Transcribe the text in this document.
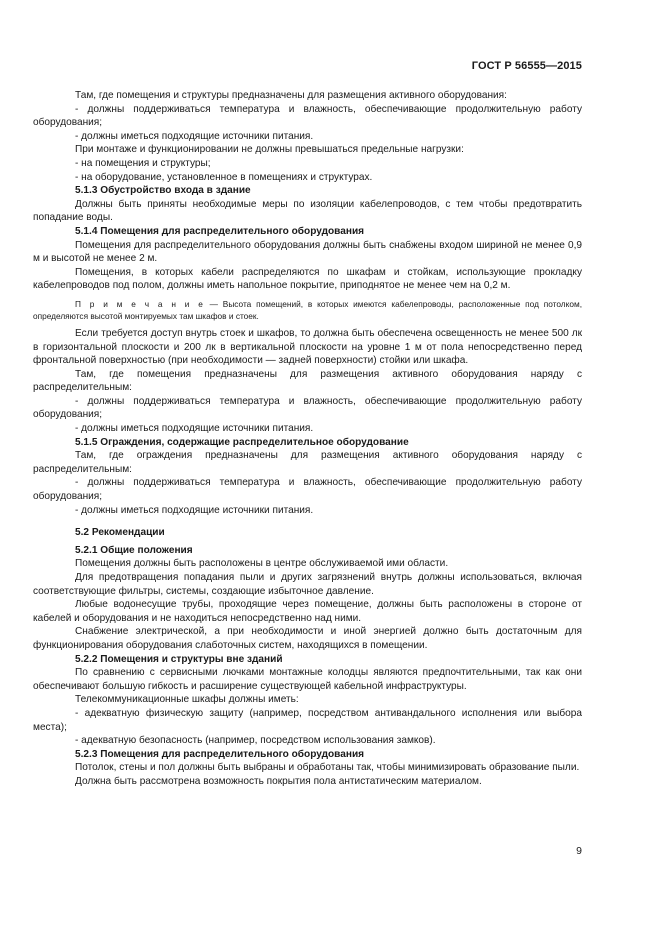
ГОСТ Р 56555—2015

Там, где помещения и структуры предназначены для размещения активного оборудования:

- должны поддерживаться температура и влажность, обеспечивающие продолжительную работу оборудования;

- должны иметься подходящие источники питания.

При монтаже и функционировании не должны превышаться предельные нагрузки:

- на помещения и структуры;

- на оборудование, установленное в помещениях и структурах.

5.1.3 Обустройство входа в здание

Должны быть приняты необходимые меры по изоляции кабелепроводов, с тем чтобы предотвратить попадание воды.

5.1.4 Помещения для распределительного оборудования

Помещения для распределительного оборудования должны быть снабжены входом шириной не менее 0,9 м и высотой не менее 2 м.

Помещения, в которых кабели распределяются по шкафам и стойкам, использующие прокладку кабелепроводов под полом, должны иметь напольное покрытие, приподнятое не менее чем на 0,2 м.

П р и м е ч а н и е — Высота помещений, в которых имеются кабелепроводы, расположенные под потолком, определяются высотой монтируемых там шкафов и стоек.

Если требуется доступ внутрь стоек и шкафов, то должна быть обеспечена освещенность не менее 500 лк в горизонтальной плоскости и 200 лк в вертикальной плоскости на уровне 1 м от пола непосредственно перед фронтальной поверхностью (при необходимости — задней поверхности) стойки или шкафа.

Там, где помещения предназначены для размещения активного оборудования наряду с распределительным:

- должны поддерживаться температура и влажность, обеспечивающие продолжительную работу оборудования;

- должны иметься подходящие источники питания.

5.1.5 Ограждения, содержащие распределительное оборудование

Там, где ограждения предназначены для размещения активного оборудования наряду с распределительным:

- должны поддерживаться температура и влажность, обеспечивающие продолжительную работу оборудования;

- должны иметься подходящие источники питания.

5.2 Рекомендации

5.2.1 Общие положения

Помещения должны быть расположены в центре обслуживаемой ими области.

Для предотвращения попадания пыли и других загрязнений внутрь должны использоваться, включая соответствующие фильтры, системы, создающие избыточное давление.

Любые водонесущие трубы, проходящие через помещение, должны быть расположены в стороне от кабелей и оборудования и не находиться непосредственно над ними.

Снабжение электрической, а при необходимости и иной энергией должно быть достаточным для функционирования оборудования слаботочных систем, находящихся в помещении.

5.2.2 Помещения и структуры вне зданий

По сравнению с сервисными лючками монтажные колодцы являются предпочтительными, так как они обеспечивают большую гибкость и расширение существующей кабельной инфраструктуры.

Телекоммуникационные шкафы должны иметь:

- адекватную физическую защиту (например, посредством антивандального исполнения или выбора места);

- адекватную безопасность (например, посредством использования замков).

5.2.3 Помещения для распределительного оборудования

Потолок, стены и пол должны быть выбраны и обработаны так, чтобы минимизировать образование пыли.

Должна быть рассмотрена возможность покрытия пола антистатическим материалом.

9
